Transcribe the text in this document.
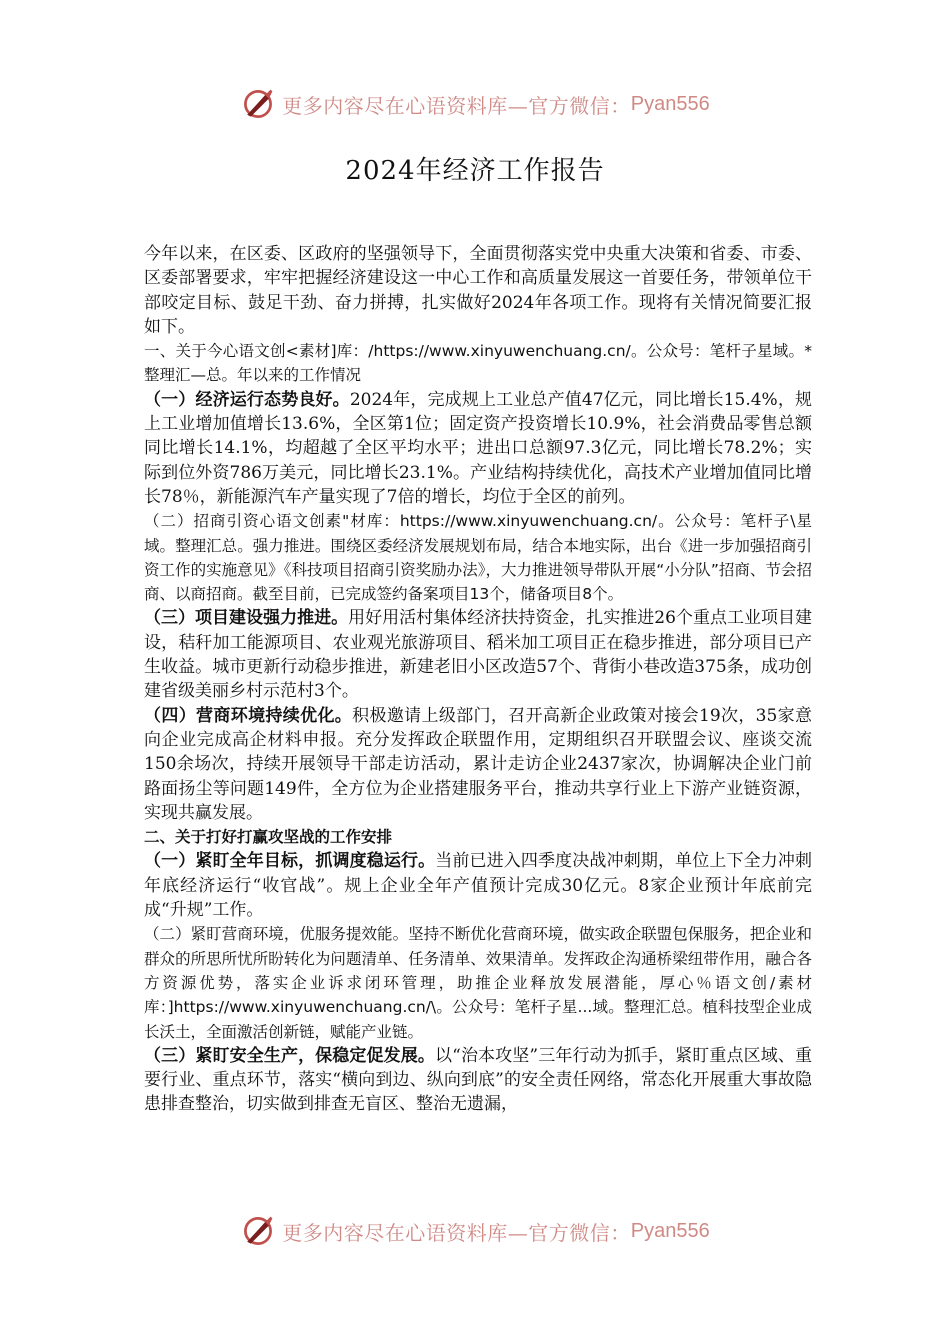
更多内容尽在心语资料库—官方微信： Pyan556
2024年经济工作报告

今年以来，在区委、区政府的坚强领导下，全面贯彻落实党中央重大决策和省委、市委、区委部署要求，牢牢把握经济建设这一中心工作和高质量发展这一首要任务，带领单位干部咬定目标、鼓足干劲、奋力拼搏，扎实做好2024年各项工作。现将有关情况简要汇报如下。

一、关于今心语文创<素材]库：/https://www.xinyuwenchuang.cn/。公众号：笔杆子星域。*整理汇—总。年以来的工作情况

（一）经济运行态势良好。2024年，完成规上工业总产值47亿元，同比增长15.4%，规上工业增加值增长13.6%，全区第1位；固定资产投资增长10.9%，社会消费品零售总额同比增长14.1%，均超越了全区平均水平；进出口总额97.3亿元，同比增长78.2%；实际到位外资786万美元，同比增长23.1%。产业结构持续优化，高技术产业增加值同比增长78％，新能源汽车产量实现了7倍的增长，均位于全区的前列。

（二）招商引资心语文创素"材库：https://www.xinyuwenchuang.cn/。公众号：笔杆子\星域。整理汇总。强力推进。围绕区委经济发展规划布局，结合本地实际，出台《进一步加强招商引资工作的实施意见》《科技项目招商引资奖励办法》，大力推进领导带队开展“小分队”招商、节会招商、以商招商。截至目前，已完成签约备案项目13个，储备项目8个。

（三）项目建设强力推进。用好用活村集体经济扶持资金，扎实推进26个重点工业项目建设，秸秆加工能源项目、农业观光旅游项目、稻米加工项目正在稳步推进，部分项目已产生收益。城市更新行动稳步推进，新建老旧小区改造57个、背街小巷改造375条，成功创建省级美丽乡村示范村3个。

（四）营商环境持续优化。积极邀请上级部门，召开高新企业政策对接会19次，35家意向企业完成高企材料申报。充分发挥政企联盟作用，定期组织召开联盟会议、座谈交流150余场次，持续开展领导干部走访活动，累计走访企业2437家次，协调解决企业门前路面扬尘等问题149件，全方位为企业搭建服务平台，推动共享行业上下游产业链资源，实现共赢发展。

二、关于打好打赢攻坚战的工作安排

（一）紧盯全年目标，抓调度稳运行。当前已进入四季度决战冲刺期，单位上下全力冲刺年底经济运行“收官战”。规上企业全年产值预计完成30亿元。8家企业预计年底前完成“升规”工作。

（二）紧盯营商环境，优服务提效能。坚持不断优化营商环境，做实政企联盟包保服务，把企业和群众的所思所忧所盼转化为问题清单、任务清单、效果清单。发挥政企沟通桥梁纽带作用，融合各方资源优势，落实企业诉求闭环管理，助推企业释放发展潜能，厚心％语文创/素材库：]https://www.xinyuwenchuang.cn/\。公众号：笔杆子星...域。整理汇总。植科技型企业成长沃土，全面激活创新链，赋能产业链。

（三）紧盯安全生产，保稳定促发展。以“治本攻坚”三年行动为抓手，紧盯重点区域、重要行业、重点环节，落实“横向到边、纵向到底”的安全责任网络，常态化开展重大事故隐患排查整治，切实做到排查无盲区、整治无遗漏，

更多内容尽在心语资料库—官方微信： Pyan556
